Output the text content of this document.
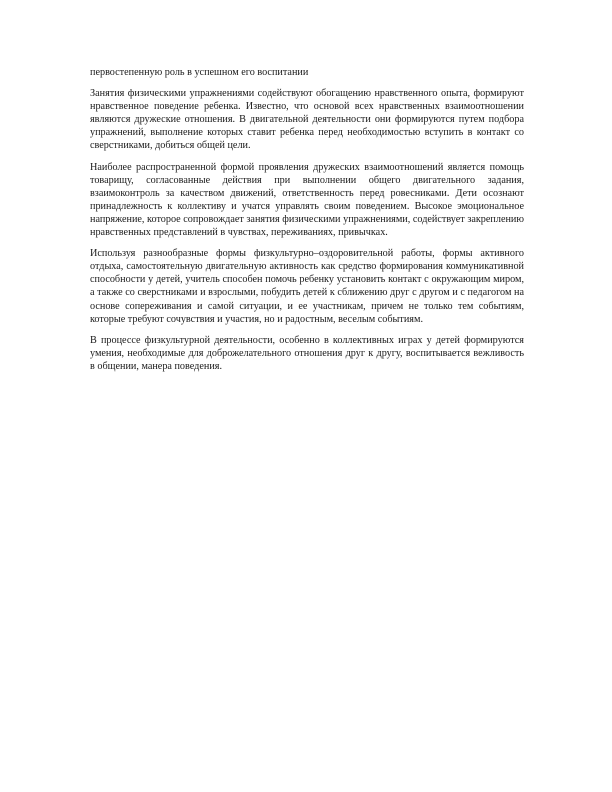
первостепенную роль в успешном его воспитании

Занятия физическими упражнениями содействуют обогащению нравственного опыта, формируют нравственное поведение ребенка. Известно, что основой всех нравственных взаимоотношении являются дружеские отношения. В двигательной деятельности они формируются путем подбора упражнений, выполнение которых ставит ребенка перед необходимостью вступить в контакт со сверстниками, добиться общей цели.

Наиболее распространенной формой проявления дружеских взаимоотношений является помощь товарищу, согласованные действия при выполнении общего двигательного задания, взаимоконтроль за качеством движений, ответственность перед ровесниками. Дети осознают принадлежность к коллективу и учатся управлять своим поведением. Высокое эмоциональное напряжение, которое сопровождает занятия физическими упражнениями, содействует закреплению нравственных представлений в чувствах, переживаниях, привычках.

Используя разнообразные формы физкультурно–оздоровительной работы, формы активного отдыха, самостоятельную двигательную активность как средство формирования коммуникативной способности у детей, учитель способен помочь ребенку установить контакт с окружающим миром, а также со сверстниками и взрослыми, побудить детей к сближению друг с другом и с педагогом на основе сопереживания и самой ситуации, и ее участникам, причем не только тем событиям, которые требуют сочувствия и участия, но и радостным, веселым событиям.

В процессе физкультурной деятельности, особенно в коллективных играх у детей формируются умения, необходимые для доброжелательного отношения друг к другу, воспитывается вежливость в общении, манера поведения.
